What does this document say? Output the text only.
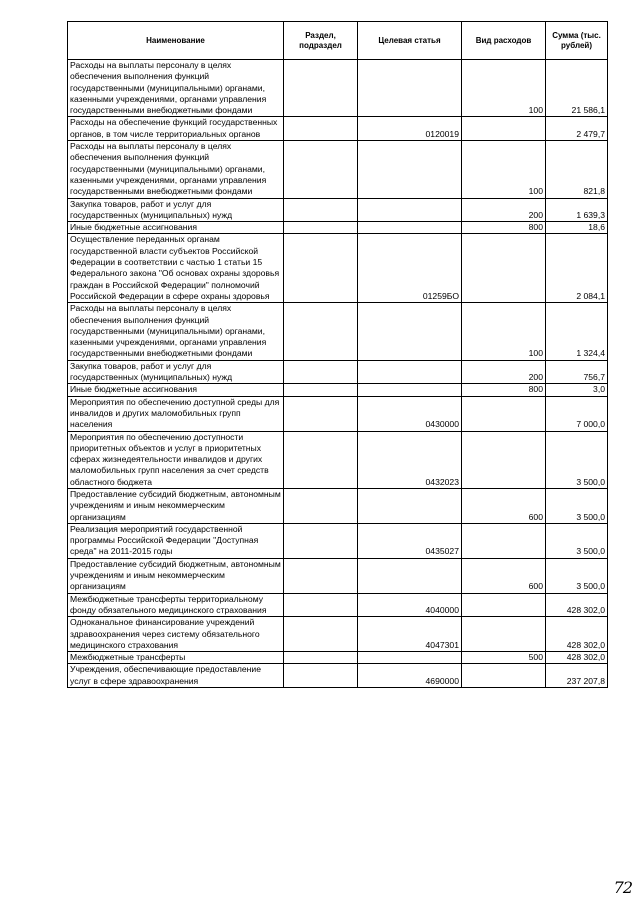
Наименование	Раздел, подраздел	Целевая статья	Вид расходов	Сумма (тыс. рублей)
Расходы на выплаты персоналу в целях обеспечения выполнения функций государственными (муниципальными) органами, казенными учреждениями, органами управления государственными внебюджетными фондами			100	21 586,1
Расходы на обеспечение функций государственных органов, в том числе территориальных органов		0120019		2 479,7
Расходы на выплаты персоналу в целях обеспечения выполнения функций государственными (муниципальными) органами, казенными учреждениями, органами управления государственными внебюджетными фондами			100	821,8
Закупка товаров, работ и услуг для государственных (муниципальных) нужд			200	1 639,3
Иные бюджетные ассигнования			800	18,6
Осуществление переданных органам государственной власти субъектов Российской Федерации в соответствии с частью 1 статьи 15 Федерального закона "Об основах охраны здоровья граждан в Российской Федерации" полномочий Российской Федерации в сфере охраны здоровья		01259БО		2 084,1
Расходы на выплаты персоналу в целях обеспечения выполнения функций государственными (муниципальными) органами, казенными учреждениями, органами управления государственными внебюджетными фондами			100	1 324,4
Закупка товаров, работ и услуг для государственных (муниципальных) нужд			200	756,7
Иные бюджетные ассигнования			800	3,0
Мероприятия по обеспечению доступной среды для инвалидов и других маломобильных групп населения		0430000		7 000,0
Мероприятия по обеспечению доступности приоритетных объектов и услуг в приоритетных сферах жизнедеятельности инвалидов и других маломобильных групп населения за счет средств областного бюджета		0432023		3 500,0
Предоставление субсидий бюджетным, автономным учреждениям и иным некоммерческим организациям			600	3 500,0
Реализация мероприятий государственной программы Российской Федерации "Доступная среда" на 2011-2015 годы		0435027		3 500,0
Предоставление субсидий бюджетным, автономным учреждениям и иным некоммерческим организациям			600	3 500,0
Межбюджетные трансферты территориальному фонду обязательного медицинского страхования		4040000		428 302,0
Одноканальное финансирование учреждений здравоохранения через систему обязательного медицинского страхования		4047301		428 302,0
Межбюджетные трансферты			500	428 302,0
Учреждения, обеспечивающие предоставление услуг в сфере здравоохранения		4690000		237 207,8
72
